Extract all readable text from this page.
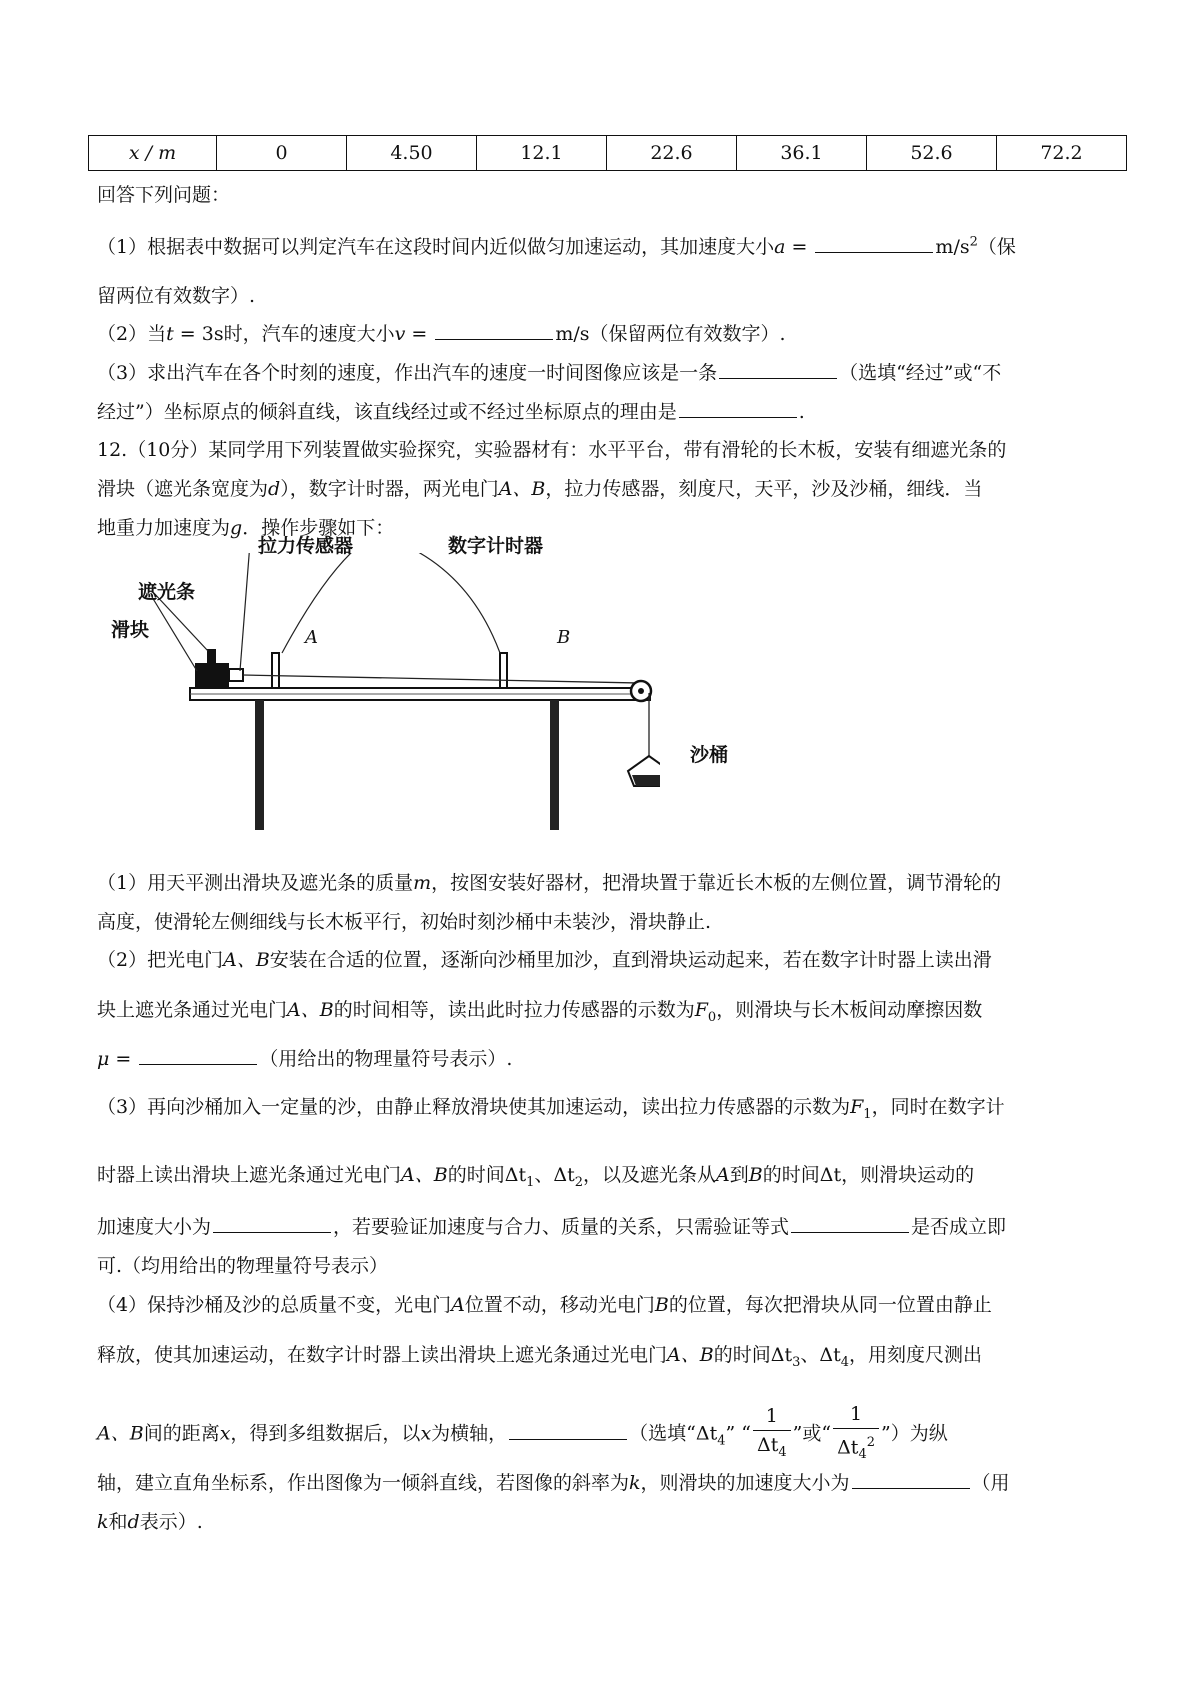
x / m	0	4.50	12.1	22.6	36.1	52.6	72.2
回答下列问题：
（1）根据表中数据可以判定汽车在这段时间内近似做匀加速运动，其加速度大小a =	$m/s^2$（保
留两位有效数字）.
（2）当t = 3s时，汽车的速度大小v =	m/s（保留两位有效数字）.
（3）求出汽车在各个时刻的速度，作出汽车的速度一时间图像应该是一条	（选填“经过”或“不
经过”）坐标原点的倾斜直线，该直线经过或不经过坐标原点的理由是	.
12.（10分）某同学用下列装置做实验探究，实验器材有：水平平台，带有滑轮的长木板，安装有细遮光条的
滑块（遮光条宽度为d），数字计时器，两光电门A、B，拉力传感器，刻度尺，天平，沙及沙桶，细线．当
地重力加速度为g．操作步骤如下：
拉力传感器	数字计时器
遮光条
滑块	A	B
沙桶
（1）用天平测出滑块及遮光条的质量m，按图安装好器材，把滑块置于靠近长木板的左侧位置，调节滑轮的
高度，使滑轮左侧细线与长木板平行，初始时刻沙桶中未装沙，滑块静止.
（2）把光电门A、B安装在合适的位置，逐渐向沙桶里加沙，直到滑块运动起来，若在数字计时器上读出滑
块上遮光条通过光电门A、B的时间相等，读出此时拉力传感器的示数为$F_0$，则滑块与长木板间动摩擦因数
μ =	（用给出的物理量符号表示）.
（3）再向沙桶加入一定量的沙，由静止释放滑块使其加速运动，读出拉力传感器的示数为$F_1$，同时在数字计
时器上读出滑块上遮光条通过光电门A、B的时间$\Delta t_1$、$\Delta t_2$，以及遮光条从A到B的时间Δt，则滑块运动的
加速度大小为	，若要验证加速度与合力、质量的关系，只需验证等式	是否成立即
可.（均用给出的物理量符号表示）
（4）保持沙桶及沙的总质量不变，光电门A位置不动，移动光电门B的位置，每次把滑块从同一位置由静止
释放，使其加速运动，在数字计时器上读出滑块上遮光条通过光电门A、B的时间$\Delta t_3$、$\Delta t_4$，用刻度尺测出
A、B间的距离x，得到多组数据后，以x为横轴，	（选填“$\Delta t_4$” “ $\frac{1}{\Delta t_4}$ ”或“ $\frac{1}{\Delta t_4^2}$ ”）为纵
轴，建立直角坐标系，作出图像为一倾斜直线，若图像的斜率为k，则滑块的加速度大小为	（用
k和d表示）.
